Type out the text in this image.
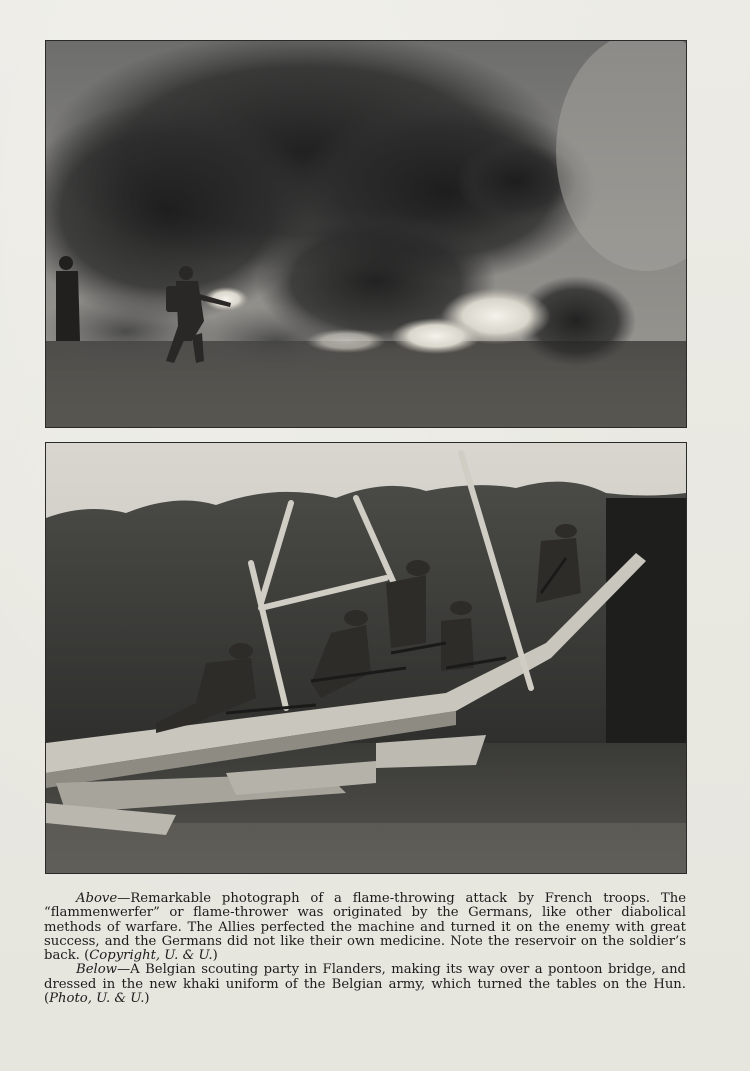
Above—Remarkable photograph of a flame-throwing attack by French troops. The “flammenwerfer” or flame-thrower was originated by the Germans, like other diabolical methods of warfare. The Allies perfected the machine and turned it on the enemy with great success, and the Germans did not like their own medicine. Note the reservoir on the soldier’s back. (Copyright, U. & U.)

Below—A Belgian scouting party in Flanders, making its way over a pontoon bridge, and dressed in the new khaki uniform of the Belgian army, which turned the tables on the Hun. (Photo, U. & U.)
